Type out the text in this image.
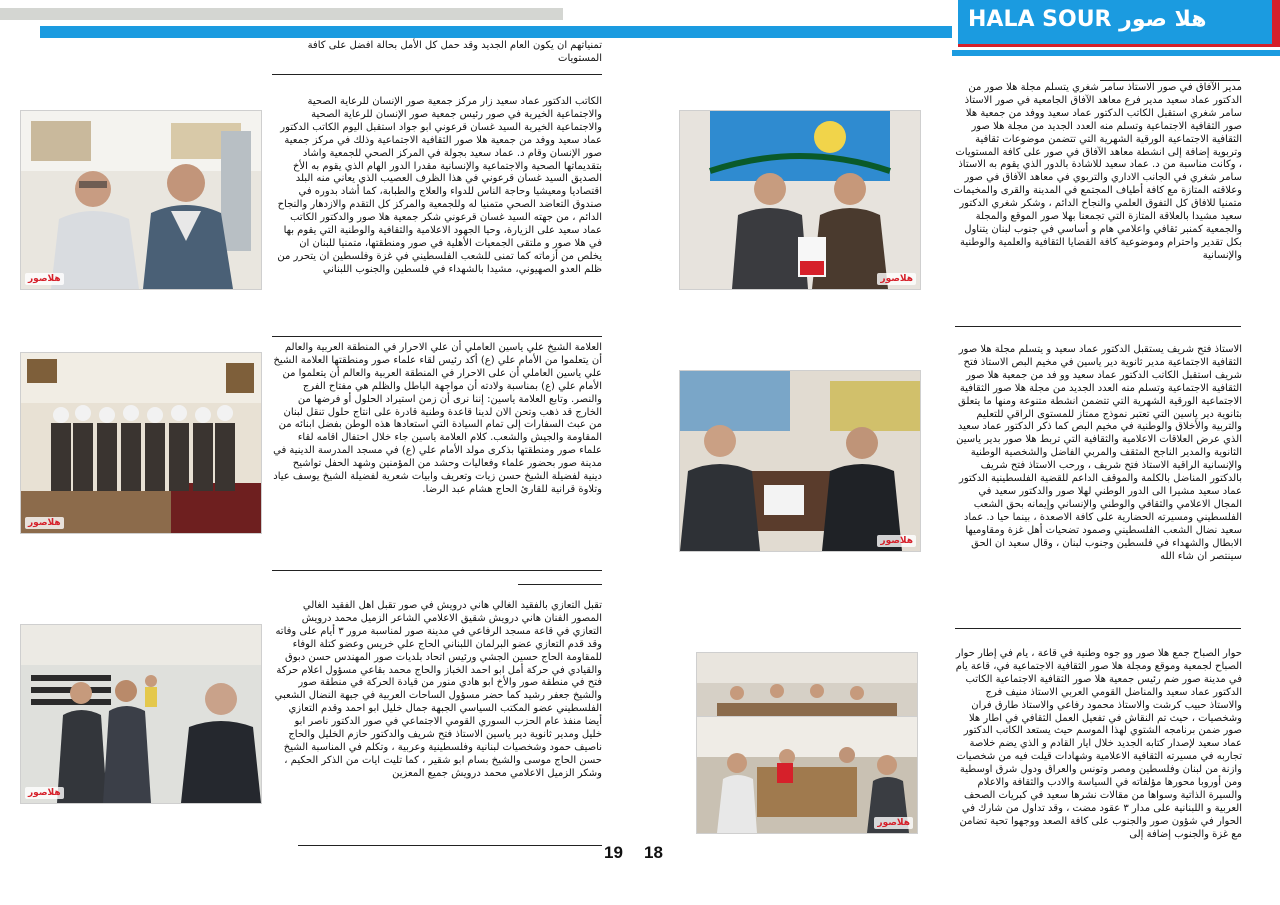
HALA SOUR هلا صور

تمنياتهم ان يكون العام الجديد وقد حمل كل الأمل بحالة افضل على كافة المستويات

هلاصور

الكاتب الدكتور عماد سعيد زار مركز جمعية صور الإنسان للرعاية الصحية والاجتماعية الخيرية في صور رئيس جمعية صور الإنسان للرعاية الصحية والاجتماعية الخيرية السيد غسان قرعوني ابو جواد استقبل اليوم الكاتب الدكتور عماد سعيد ووفد من جمعية هلا صور الثقافية الاجتماعية وذلك في مركز جمعية صور الإنسان وقام د. عماد سعيد بجولة في المركز الصحي للجمعية واشاد بتقديماتها الصحية والاجتماعية والإنسانية مقدرا الدور الهام الذي يقوم به الأخ الصديق السيد غسان قرعوني في هذا الظرف العصيب الذي يعاني منه البلد اقتصاديا ومعيشيا وحاجة الناس للدواء والعلاج والطبابة، كما أشاد بدوره في صندوق التعاضد الصحي متمنيا له وللجمعية والمركز كل التقدم والازدهار والنجاح الدائم ، من جهته السيد غسان قرعوني شكر جمعية هلا صور والدكتور الكاتب عماد سعيد على الزيارة، وحيا الجهود الاعلامية والثقافية والوطنية التي يقوم بها في هلا صور و ملتقى الجمعيات الأهلية في صور ومنطقتها، متمنيا للبنان ان يخلص من أزماته كما تمنى للشعب الفلسطيني في غزة وفلسطين ان يتحرر من ظلم العدو الصهيوني، مشيدا بالشهداء في فلسطين والجنوب اللبناني

هلاصور

العلامة الشيخ علي ياسين العاملي أن علي الاحرار في المنطقة العربية والعالم أن يتعلموا من الأمام علي (ع) أكد رئيس لقاء علماء صور ومنطقتها العلامة الشيخ علي ياسين العاملي أن على الاحرار في المنطقة العربية والعالم أن يتعلموا من الأمام علي (ع) بمناسبة ولادته أن مواجهة الباطل والظلم هي مفتاح الفرج والنصر. وتابع العلامة ياسين: إننا نرى أن زمن استيراد الحلول أو فرضها من الخارج قد ذهب وتحن الان لدينا قاعدة وطنية قادرة على انتاج حلول تنقل لبنان من عبث السفارات إلى تمام السيادة التي استعادها هذه الوطن بفضل ابنائه من المقاومة والجيش والشعب. كلام العلامة ياسين جاء خلال احتفال اقامه لقاء علماء صور ومنطقتها بذكرى مولد الأمام علي (ع) في مسجد المدرسة الدينية في مدينة صور بحضور علماء وفعاليات وحشد من المؤمنين وشهد الحفل تواشيح دينية لفضيلة الشيخ حسن زيات وتعريف وابيات شعرية لفضيلة الشيخ يوسف عياد وتلاوة قرانية للقارئ الحاج هشام عبد الرضا.

هلاصور

تقبل التعازي بالفقيد الغالي هاني درويش في صور تقبل اهل الفقيد الغالي المصور الفنان هاني درويش شقيق الاعلامي الشاعر الزميل محمد درويش التعازي في قاعة مسجد الرفاعي في مدينة صور لمناسبة مرور ٣ أيام على وفاته وقد قدم التعازي عضو البرلمان اللبناني الحاج علي خريس وعضو كتلة الوفاء للمقاومة الحاج حسين الجشي ورئيس اتحاد بلديات صور المهندس حسن دبوق والقيادي في حركة أمل ابو احمد الخباز والحاج محمد بقاعي مسؤول اعلام حركة فتح في منطقة صور والأخ ابو هادي منور من قيادة الحركة في منطقة صور والشيخ جعفر رشيد كما حضر مسؤول الساحات العربية في جبهة النضال الشعبي الفلسطيني عضو المكتب السياسي الجبهة جمال خليل ابو احمد وقدم التعازي أيضا منفذ عام الحزب السوري القومي الاجتماعي في صور الدكتور ناصر ابو خليل ومدير ثانوية دير ياسين الاستاذ فتح شريف والدكتور حازم الخليل والحاج ناصيف حمود وشخصيات لبنانية وفلسطينية وعربية ، وتكلم في المناسبة الشيخ حسن الحاج موسى والشيخ بسام ابو شقير ، كما تليت ايات من الذكر الحكيم ، وشكر الزميل الاعلامي محمد درويش جميع المعزين

19 18
هلاصور

مدير الآفاق في صور الاستاذ سامر شغري يتسلم مجلة هلا صور من الدكتور عماد سعيد مدير فرع معاهد الآفاق الجامعية في صور الاستاذ سامر شغري استقبل الكاتب الدكتور عماد سعيد ووفد من جمعية هلا صور الثقافية الاجتماعية وتسلم منه العدد الجديد من مجلة هلا صور الثقافية الاجتماعية الورقية الشهرية التي تتضمن موضوعات ثقافية وتربوية إضافة إلى انشطة معاهد الآفاق في صور على كافة المستويات ، وكانت مناسبة من د. عماد سعيد للاشادة بالدور الذي يقوم به الاستاذ سامر شغري في الجانب الاداري والتربوي في معاهد الآفاق في صور وعلاقته المتازة مع كافة أطياف المجتمع في المدينة والقرى والمخيمات متمنيا للافاق كل التفوق العلمي والنجاح الدائم ، وشكر شغري الدكتور سعيد مشيدا بالعلاقة المتازة التي تجمعنا بهلا صور الموقع والمجلة والجمعية كمنبر ثقافي واعلامي هام و أساسي في جنوب لبنان يتناول بكل تقدير واحترام وموضوعية كافة القضايا الثقافية والعلمية والوطنية والإنسانية

هلاصور

الاستاذ فتح شريف يستقبل الدكتور عماد سعيد و يتسلم مجلة هلا صور الثقافية الاجتماعية مدير ثانوية دير ياسين في مخيم البص الاستاذ فتح شريف استقبل الكاتب الدكتور عماد سعيد وو فد من جمعية هلا صور الثقافية الاجتماعية وتسلم منه العدد الجديد من مجلة هلا صور الثقافية الاجتماعية الورقية الشهرية التي تتضمن انشطة متنوعة ومنها ما يتعلق بثانوية دير ياسين التي تعتبر نموذج ممتاز للمستوى الراقي للتعليم والتربية والأخلاق والوطنية في مخيم البص كما ذكر الدكتور عماد سعيد الذي عرض العلاقات الاعلامية والثقافية التي تربط هلا صور بدير ياسين الثانوية والمدير الناجح المثقف والمربي الفاضل والشخصية الوطنية والإنسانية الراقية الاستاذ فتح شريف ، ورحب الاستاذ فتح شريف بالدكتور المناضل بالكلمة والموقف الداعم للقضية الفلسطينية الدكتور عماد سعيد مشيرا الى الدور الوطني لهلا صور والدكتور سعيد في المجال الاعلامي والثقافي والوطني والإنساني وإيمانه بحق الشعب الفلسطيني ومسيرته الحضارية على كافة الاصعدة ، بينما حيا د. عماد سعيد نضال الشعب الفلسطيني وصمود تضحيات أهل غزة ومقاوميها الابطال والشهداء في فلسطين وجنوب لبنان ، وقال سعيد ان الحق سينتصر ان شاء الله

هلاصور

حوار الصباح جمع هلا صور وو جوه وطنية في قاعة ، يام في إطار حوار الصباح لجمعية وموقع ومجلة هلا صور الثقافية الاجتماعية في، قاعة يام في مدينة صور ضم رئيس جمعية هلا صور الثقافية الاجتماعية الكاتب الدكتور عماد سعيد والمناضل القومي العربي الاستاذ منيف فرج والاستاذ حبيب كرشت والاستاذ محمود رفاعي والاستاذ طارق فران وشخصيات ، حيث تم النقاش في تفعيل العمل الثقافي في اطار هلا صور ضمن برنامجه الشتوي لهذا الموسم حيث يستعد الكاتب الدكتور عماد سعيد لإصدار كتابه الجديد خلال ايار القادم و الذي يضم خلاصة تجاربه في مسيرته الثقافية الاعلامية وشهادات قيلت فيه من شخصيات وازنة من لبنان وفلسطين ومصر وتونس والعراق ودول شرق اوسطية ومن أوروبا محورها مؤلفاته في السياسة والادب والثقافة والاعلام والسيرة الذاتية وسواها من مقالات نشرها سعيد في كبريات الصحف العربية و اللبنانية على مدار ٣ عقود مضت ، وقد تداول من شارك في الحوار في شؤون صور والجنوب على كافة الصعد ووجهوا تحية تضامن مع غزة والجنوب إضافة إلى
